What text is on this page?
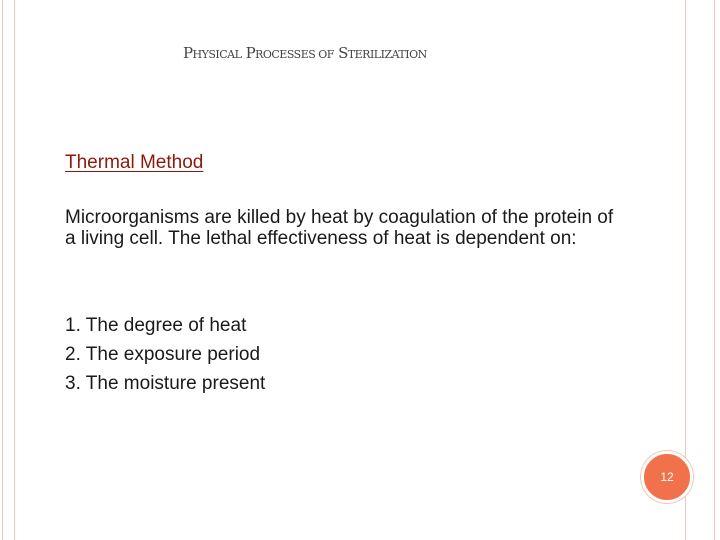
PHYSICAL PROCESSES OF STERILIZATION
Thermal Method

Microorganisms are killed by heat by coagulation of the protein of a living cell. The lethal effectiveness of heat is dependent on:

1. The degree of heat
2. The exposure period
3. The moisture present
12
